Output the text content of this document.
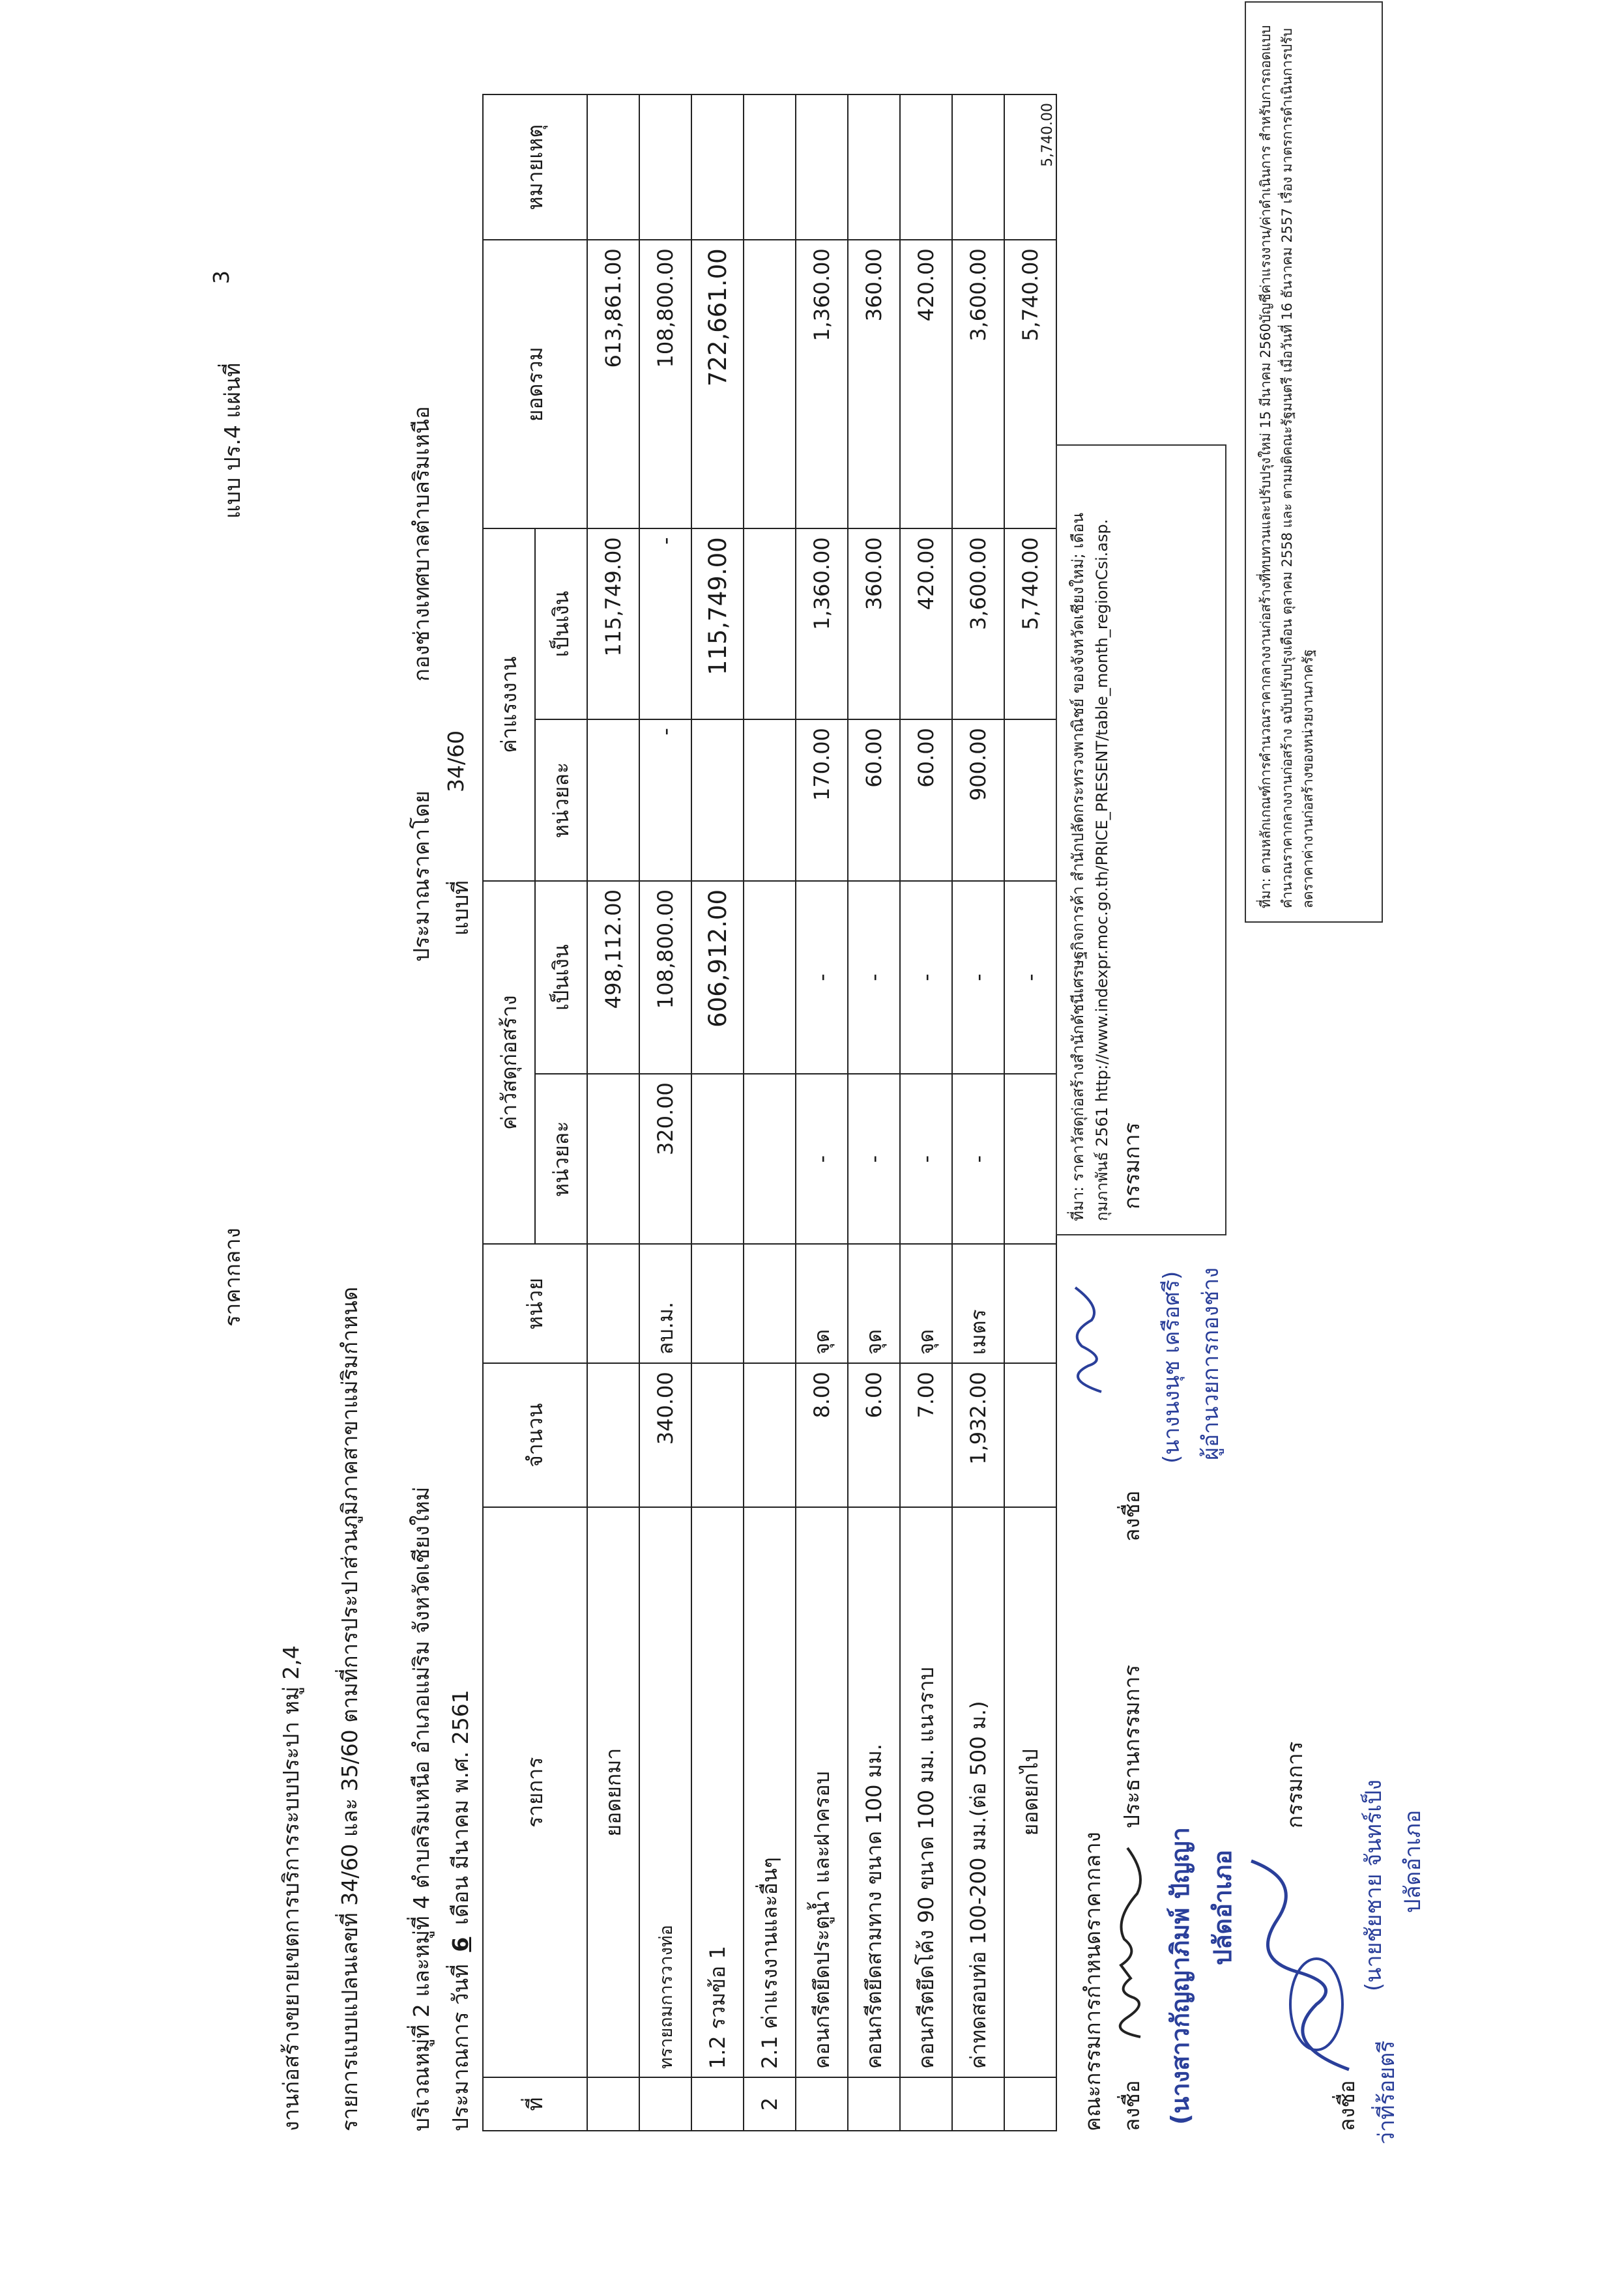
ราคากลาง
แบบ ปร.4 แผ่นที่
3
งานก่อสร้างขยายเขตการบริการระบบประปา หมู่ 2,4 รายการแบบแปลนเลขที่ 34/60 และ 35/60 ตามที่การประปาส่วนภูมิภาคสาขาแม่ริมกำหนด บริเวณหมู่ที่ 2 และหมู่ที่ 4 ตำบลริมเหนือ อำเภอแม่ริม จังหวัดเชียงใหม่
ประมาณราคาโดย
กองช่างเทศบาลตำบลริมเหนือ
ประมาณการ วันที่ 6 เดือน มีนาคม พ.ศ. 2561
แบบที่
34/60
ที่	รายการ	จำนวน	หน่วย	ค่าวัสดุก่อสร้าง		ค่าแรงงาน		ยอดรวม	หมายเหตุ
				หน่วยละ	เป็นเงิน	หน่วยละ	เป็นเงิน		
	ยอดยกมา				498,112.00		115,749.00	613,861.00	
	ทรายถมการวางท่อ	340.00	ลบ.ม.	320.00	108,800.00	-	-	108,800.00	
	1.2 รวมข้อ 1				606,912.00		115,749.00	722,661.00	
2	2.1 ค่าแรงงานและอื่นๆ								
	คอนกรีตยึดประตูน้ำ และฝาครอบ	8.00	จุด	-	-	170.00	1,360.00	1,360.00	
	คอนกรีตยึดสามทาง ขนาด 100 มม.	6.00	จุด	-	-	60.00	360.00	360.00	
	คอนกรีตยึดโค้ง 90 ขนาด 100 มม. แนวราบ	7.00	จุด	-	-	60.00	420.00	420.00	
	ค่าทดสอบท่อ 100-200 มม.(ต่อ 500 ม.)	1,932.00	เมตร	-	-	900.00	3,600.00	3,600.00	
	ยอดยกไป				-		5,740.00	5,740.00	5,740.00
คณะกรรมการกำหนดราคากลาง ลงชื่อ
ประธานกรรมการ
(นางสาวกัญญาภิมพ์ ปัญญา ปลัดอำเภอ
ลงชื่อ
(นางนงนุช เครือศรี) ผู้อำนวยการกองช่าง
กรรมการ
ลงชื่อ
กรรมการ
ว่าที่ร้อยตรี
(นายชัยชาย จันทร์เป็ง ปลัดอำเภอ
ที่มา: ราคาวัสดุก่อสร้างสำนักดัชนีเศรษฐกิจการค้า สำนักปลัดกระทรวงพาณิชย์ ของจังหวัดเชียงใหม่; เดือน กุมภาพันธ์ 2561 http://www.indexpr.moc.go.th/PRICE_PRESENT/table_month_regionCsi.asp.	ที่มา: ตามหลักเกณฑ์การคำนวณราคากลางงานก่อสร้างที่ทบทวนและปรับปรุงใหม่ 15 มีนาคม 2560บัญชีค่าแรงงาน/ค่าดำเนินการ สำหรับการถอดแบบคำนวณราคากลางงานก่อสร้าง ฉบับปรับปรุงเดือน ตุลาคม 2558 และ ตามมติคณะรัฐมนตรี เมื่อวันที่ 16 ธันวาคม 2557 เรื่อง มาตรการดำเนินการปรับลดราคาค่างานก่อสร้างของหน่วยงานภาครัฐ
